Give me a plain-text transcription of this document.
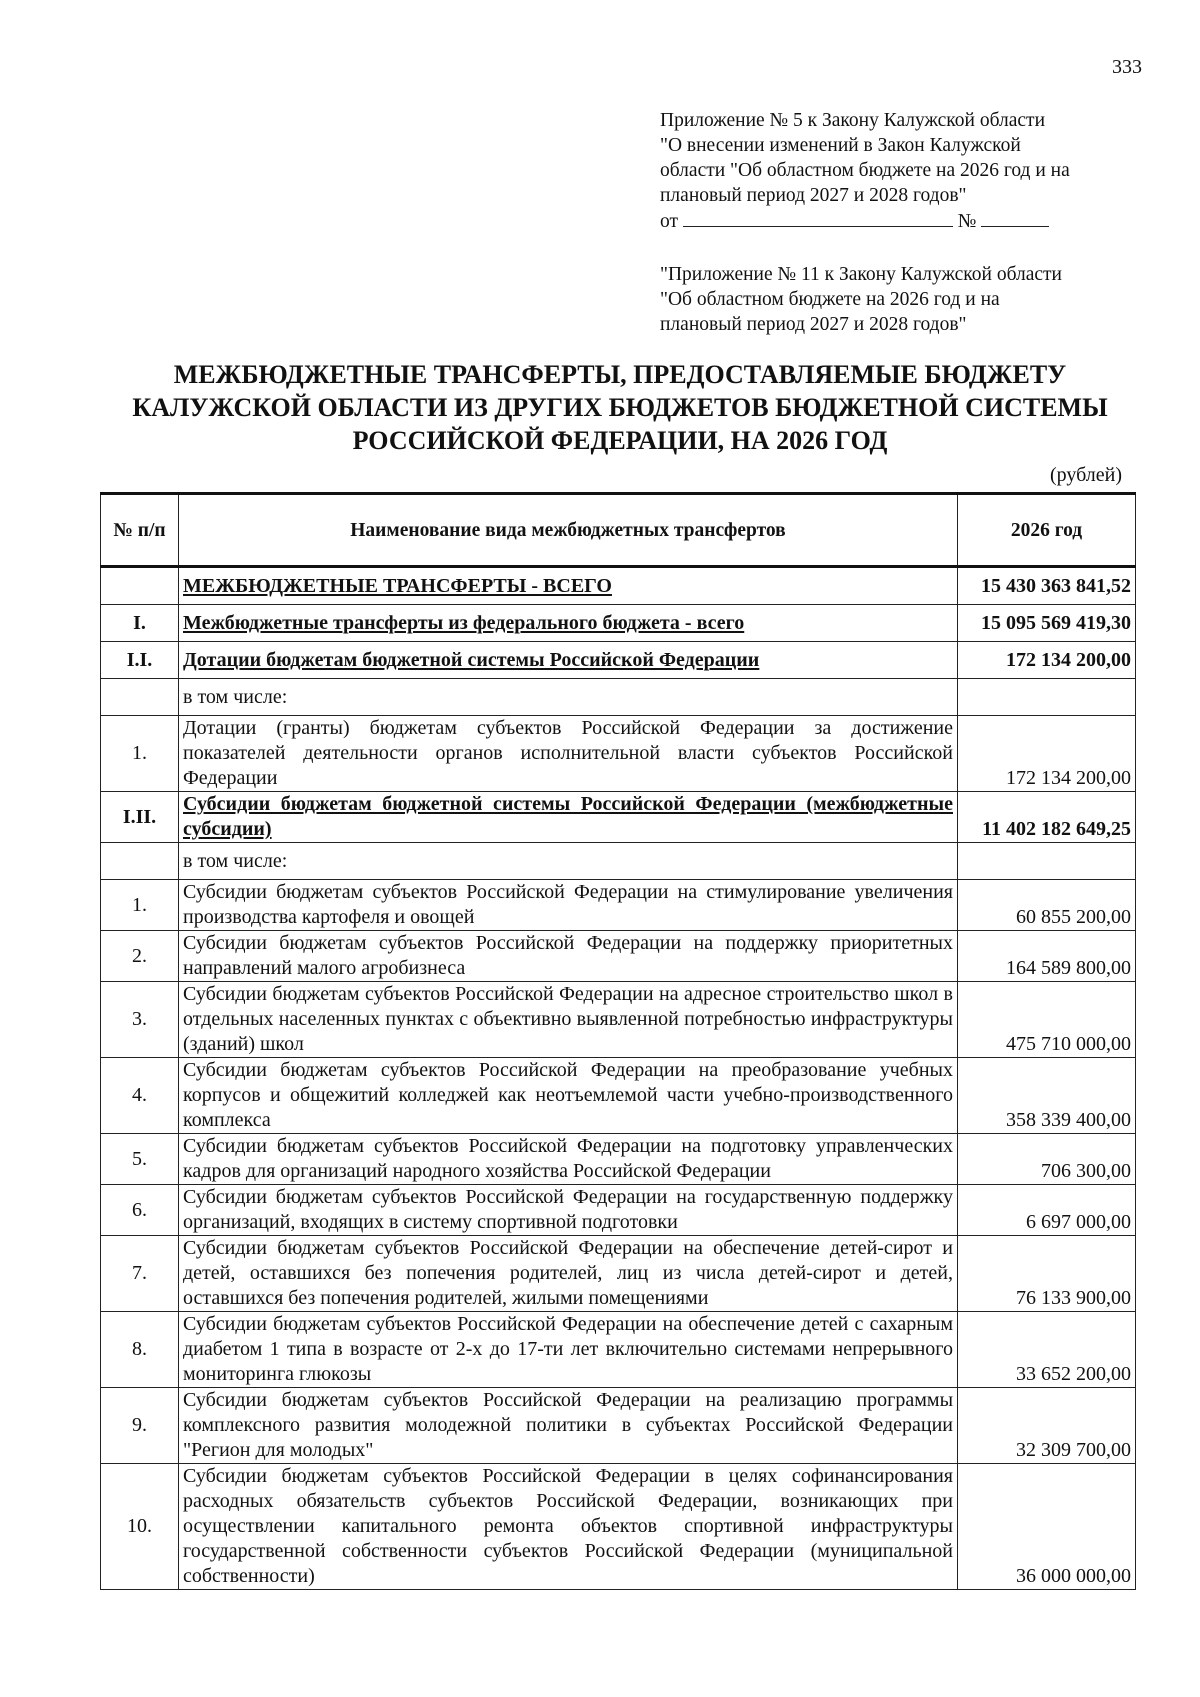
333
Приложение № 5 к Закону Калужской области
"О внесении изменений в Закон Калужской
области "Об областном бюджете на 2026 год и на
плановый период 2027 и 2028 годов"
от	№
"Приложение № 11 к Закону Калужской области
"Об областном бюджете на 2026 год и на
плановый период 2027 и 2028 годов"
МЕЖБЮДЖЕТНЫЕ ТРАНСФЕРТЫ, ПРЕДОСТАВЛЯЕМЫЕ БЮДЖЕТУ
КАЛУЖСКОЙ ОБЛАСТИ ИЗ ДРУГИХ БЮДЖЕТОВ БЮДЖЕТНОЙ СИСТЕМЫ
РОССИЙСКОЙ ФЕДЕРАЦИИ, НА 2026 ГОД
(рублей)
№ п/п	Наименование вида межбюджетных трансфертов	2026 год
	МЕЖБЮДЖЕТНЫЕ ТРАНСФЕРТЫ - ВСЕГО	15 430 363 841,52
I.	Межбюджетные трансферты из федерального бюджета - всего	15 095 569 419,30
I.I.	Дотации бюджетам бюджетной системы Российской Федерации	172 134 200,00
	в том числе:	
1.	Дотации (гранты) бюджетам субъектов Российской Федерации за достижение показателей деятельности органов исполнительной власти субъектов Российской Федерации	172 134 200,00
I.II.	Субсидии бюджетам бюджетной системы Российской Федерации (межбюджетные субсидии)	11 402 182 649,25
	в том числе:	
1.	Субсидии бюджетам субъектов Российской Федерации на стимулирование увеличения производства картофеля и овощей	60 855 200,00
2.	Субсидии бюджетам субъектов Российской Федерации на поддержку приоритетных направлений малого агробизнеса	164 589 800,00
3.	Субсидии бюджетам субъектов Российской Федерации на адресное строительство школ в отдельных населенных пунктах с объективно выявленной потребностью инфраструктуры (зданий) школ	475 710 000,00
4.	Субсидии бюджетам субъектов Российской Федерации на преобразование учебных корпусов и общежитий колледжей как неотъемлемой части учебно-производственного комплекса	358 339 400,00
5.	Субсидии бюджетам субъектов Российской Федерации на подготовку управленческих кадров для организаций народного хозяйства Российской Федерации	706 300,00
6.	Субсидии бюджетам субъектов Российской Федерации на государственную поддержку организаций, входящих в систему спортивной подготовки	6 697 000,00
7.	Субсидии бюджетам субъектов Российской Федерации на обеспечение детей-сирот и детей, оставшихся без попечения родителей, лиц из числа детей-сирот и детей, оставшихся без попечения родителей, жилыми помещениями	76 133 900,00
8.	Субсидии бюджетам субъектов Российской Федерации на обеспечение детей с сахарным диабетом 1 типа в возрасте от 2-х до 17-ти лет включительно системами непрерывного мониторинга глюкозы	33 652 200,00
9.	Субсидии бюджетам субъектов Российской Федерации на реализацию программы комплексного развития молодежной политики в субъектах Российской Федерации "Регион для молодых"	32 309 700,00
10.	Субсидии бюджетам субъектов Российской Федерации в целях софинансирования расходных обязательств субъектов Российской Федерации, возникающих при осуществлении капитального ремонта объектов спортивной инфраструктуры государственной собственности субъектов Российской Федерации (муниципальной собственности)	36 000 000,00
